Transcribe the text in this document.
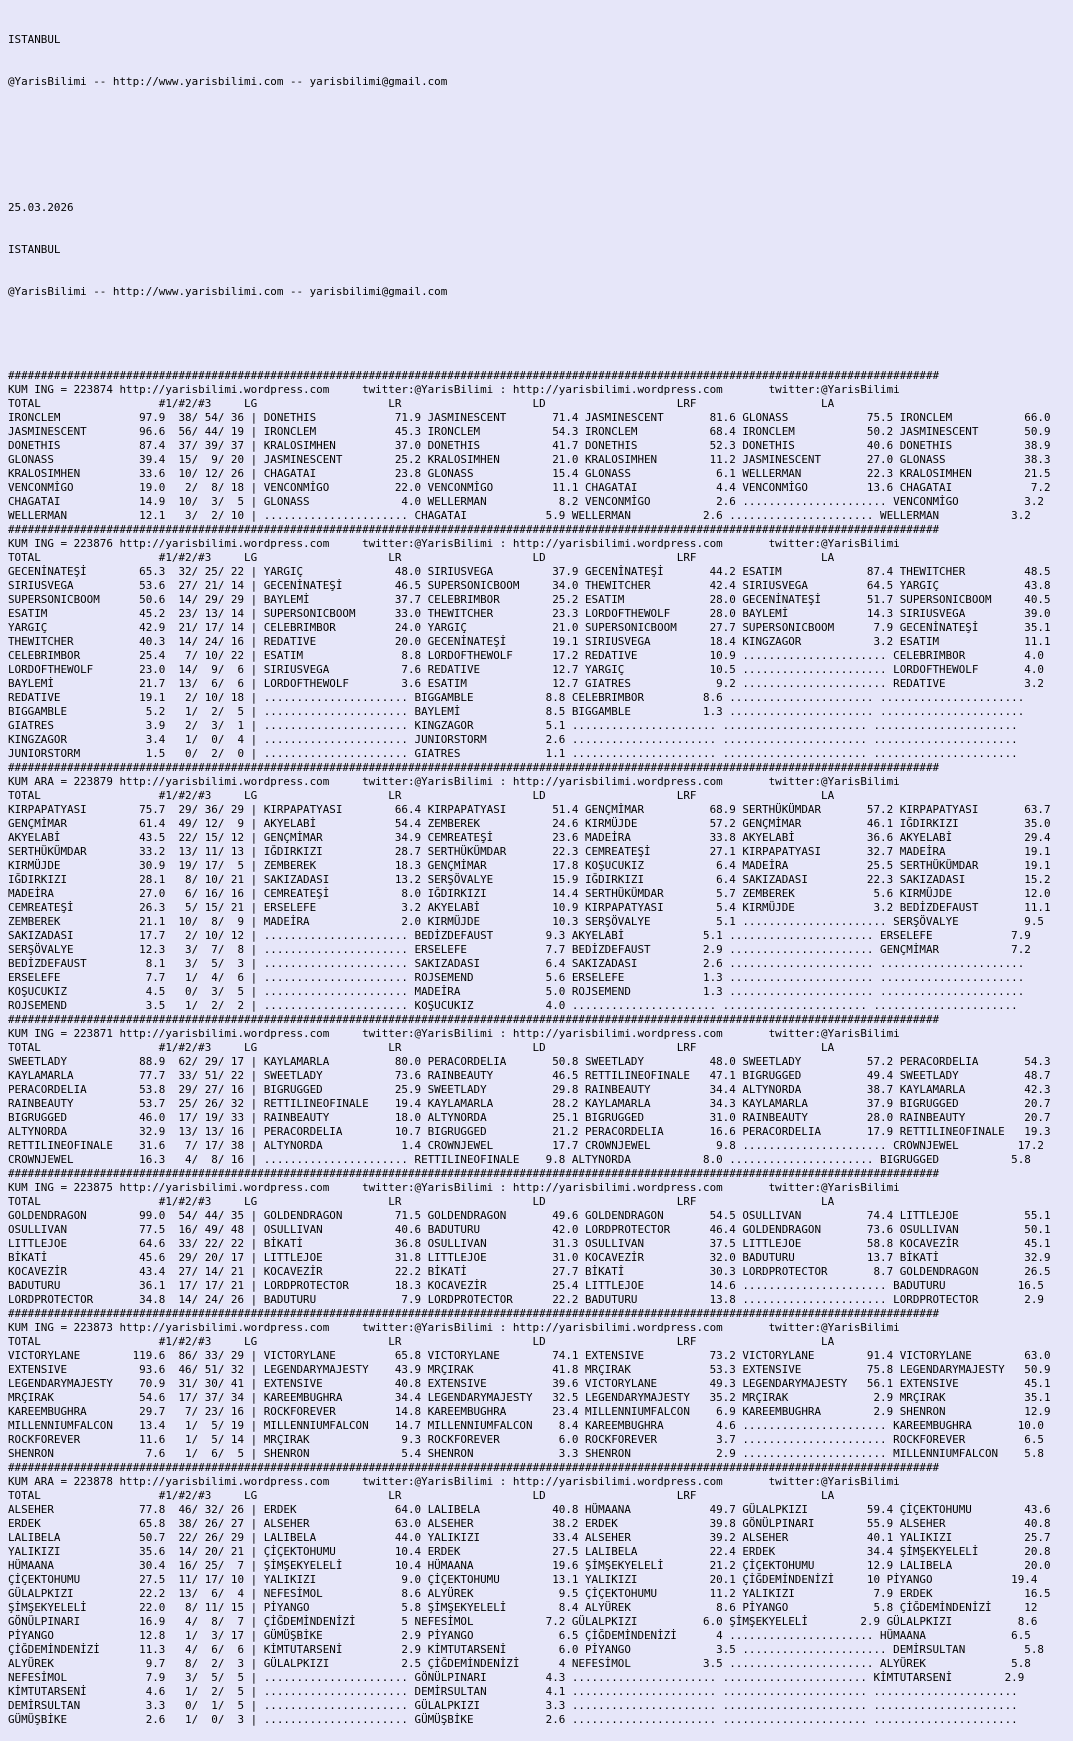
ISTANBUL

@YarisBilimi -- http://www.yarisbilimi.com -- yarisbilimi@gmail.com

25.03.2026

ISTANBUL

@YarisBilimi -- http://www.yarisbilimi.com -- yarisbilimi@gmail.com

##############################################################################################################################################
KUM ING = 223874 http://yarisbilimi.wordpress.com     twitter:@YarisBilimi : http://yarisbilimi.wordpress.com       twitter:@YarisBilimi
TOTAL                  #1/#2/#3     LG                    LR                    LD                    LRF                   LA
IRONCLEM            97.9  38/ 54/ 36 | DONETHIS            71.9 JASMINESCENT       71.4 JASMINESCENT       81.6 GLONASS            75.5 IRONCLEM           66.0
JASMINESCENT        96.6  56/ 44/ 19 | IRONCLEM            45.3 IRONCLEM           54.3 IRONCLEM           68.4 IRONCLEM           50.2 JASMINESCENT       50.9
DONETHIS            87.4  37/ 39/ 37 | KRALOSIMHEN         37.0 DONETHIS           41.7 DONETHIS           52.3 DONETHIS           40.6 DONETHIS           38.9
GLONASS             39.4  15/  9/ 20 | JASMINESCENT        25.2 KRALOSIMHEN        21.0 KRALOSIMHEN        11.2 JASMINESCENT       27.0 GLONASS            38.3
KRALOSIMHEN         33.6  10/ 12/ 26 | CHAGATAI            23.8 GLONASS            15.4 GLONASS             6.1 WELLERMAN          22.3 KRALOSIMHEN        21.5
VENCONMİGO          19.0   2/  8/ 18 | VENCONMİGO          22.0 VENCONMİGO         11.1 CHAGATAI            4.4 VENCONMİGO         13.6 CHAGATAI            7.2
CHAGATAI            14.9  10/  3/  5 | GLONASS              4.0 WELLERMAN           8.2 VENCONMİGO          2.6 ...................... VENCONMİGO          3.2
WELLERMAN           12.1   3/  2/ 10 | ...................... CHAGATAI            5.9 WELLERMAN           2.6 ...................... WELLERMAN           3.2
##############################################################################################################################################
KUM ING = 223876 http://yarisbilimi.wordpress.com     twitter:@YarisBilimi : http://yarisbilimi.wordpress.com       twitter:@YarisBilimi
TOTAL                  #1/#2/#3     LG                    LR                    LD                    LRF                   LA
GECENİNATEŞİ        65.3  32/ 25/ 22 | YARGIÇ              48.0 SIRIUSVEGA         37.9 GECENİNATEŞİ       44.2 ESATIM             87.4 THEWITCHER         48.5
SIRIUSVEGA          53.6  27/ 21/ 14 | GECENİNATEŞİ        46.5 SUPERSONICBOOM     34.0 THEWITCHER         42.4 SIRIUSVEGA         64.5 YARGIÇ             43.8
SUPERSONICBOOM      50.6  14/ 29/ 29 | BAYLEMİ             37.7 CELEBRIMBOR        25.2 ESATIM             28.0 GECENİNATEŞİ       51.7 SUPERSONICBOOM     40.5
ESATIM              45.2  23/ 13/ 14 | SUPERSONICBOOM      33.0 THEWITCHER         23.3 LORDOFTHEWOLF      28.0 BAYLEMİ            14.3 SIRIUSVEGA         39.0
YARGIÇ              42.9  21/ 17/ 14 | CELEBRIMBOR         24.0 YARGIÇ             21.0 SUPERSONICBOOM     27.7 SUPERSONICBOOM      7.9 GECENİNATEŞİ       35.1
THEWITCHER          40.3  14/ 24/ 16 | REDATIVE            20.0 GECENİNATEŞİ       19.1 SIRIUSVEGA         18.4 KINGZAGOR           3.2 ESATIM             11.1
CELEBRIMBOR         25.4   7/ 10/ 22 | ESATIM               8.8 LORDOFTHEWOLF      17.2 REDATIVE           10.9 ...................... CELEBRIMBOR         4.0
LORDOFTHEWOLF       23.0  14/  9/  6 | SIRIUSVEGA           7.6 REDATIVE           12.7 YARGIÇ             10.5 ...................... LORDOFTHEWOLF       4.0
BAYLEMİ             21.7  13/  6/  6 | LORDOFTHEWOLF        3.6 ESATIM             12.7 GIATRES             9.2 ...................... REDATIVE            3.2
REDATIVE            19.1   2/ 10/ 18 | ...................... BIGGAMBLE           8.8 CELEBRIMBOR         8.6 ...................... ......................
BIGGAMBLE            5.2   1/  2/  5 | ...................... BAYLEMİ             8.5 BIGGAMBLE           1.3 ...................... ......................
GIATRES              3.9   2/  3/  1 | ...................... KINGZAGOR           5.1 ...................... ...................... ......................
KINGZAGOR            3.4   1/  0/  4 | ...................... JUNIORSTORM         2.6 ...................... ...................... ......................
JUNIORSTORM          1.5   0/  2/  0 | ...................... GIATRES             1.1 ...................... ...................... ......................
##############################################################################################################################################
KUM ARA = 223879 http://yarisbilimi.wordpress.com     twitter:@YarisBilimi : http://yarisbilimi.wordpress.com       twitter:@YarisBilimi
TOTAL                  #1/#2/#3     LG                    LR                    LD                    LRF                   LA
KIRPAPATYASI        75.7  29/ 36/ 29 | KIRPAPATYASI        66.4 KIRPAPATYASI       51.4 GENÇMİMAR          68.9 SERTHÜKÜMDAR       57.2 KIRPAPATYASI       63.7
GENÇMİMAR           61.4  49/ 12/  9 | AKYELABİ            54.4 ZEMBEREK           24.6 KIRMÜJDE           57.2 GENÇMİMAR          46.1 IĞDIRKIZI          35.0
AKYELABİ            43.5  22/ 15/ 12 | GENÇMİMAR           34.9 CEMREATEŞİ         23.6 MADEİRA            33.8 AKYELABİ           36.6 AKYELABİ           29.4
SERTHÜKÜMDAR        33.2  13/ 11/ 13 | IĞDIRKIZI           28.7 SERTHÜKÜMDAR       22.3 CEMREATEŞİ         27.1 KIRPAPATYASI       32.7 MADEİRA            19.1
KIRMÜJDE            30.9  19/ 17/  5 | ZEMBEREK            18.3 GENÇMİMAR          17.8 KOŞUCUKIZ           6.4 MADEİRA            25.5 SERTHÜKÜMDAR       19.1
IĞDIRKIZI           28.1   8/ 10/ 21 | SAKIZADASI          13.2 SERŞÖVALYE         15.9 IĞDIRKIZI           6.4 SAKIZADASI         22.3 SAKIZADASI         15.2
MADEİRA             27.0   6/ 16/ 16 | CEMREATEŞİ           8.0 IĞDIRKIZI          14.4 SERTHÜKÜMDAR        5.7 ZEMBEREK            5.6 KIRMÜJDE           12.0
CEMREATEŞİ          26.3   5/ 15/ 21 | ERSELEFE             3.2 AKYELABİ           10.9 KIRPAPATYASI        5.4 KIRMÜJDE            3.2 BEDİZDEFAUST       11.1
ZEMBEREK            21.1  10/  8/  9 | MADEİRA              2.0 KIRMÜJDE           10.3 SERŞÖVALYE          5.1 ...................... SERŞÖVALYE          9.5
SAKIZADASI          17.7   2/ 10/ 12 | ...................... BEDİZDEFAUST        9.3 AKYELABİ            5.1 ...................... ERSELEFE            7.9
SERŞÖVALYE          12.3   3/  7/  8 | ...................... ERSELEFE            7.7 BEDİZDEFAUST        2.9 ...................... GENÇMİMAR           7.2
BEDİZDEFAUST         8.1   3/  5/  3 | ...................... SAKIZADASI          6.4 SAKIZADASI          2.6 ...................... ......................
ERSELEFE             7.7   1/  4/  6 | ...................... ROJSEMEND           5.6 ERSELEFE            1.3 ...................... ......................
KOŞUCUKIZ            4.5   0/  3/  5 | ...................... MADEİRA             5.0 ROJSEMEND           1.3 ...................... ......................
ROJSEMEND            3.5   1/  2/  2 | ...................... KOŞUCUKIZ           4.0 ...................... ...................... ......................
##############################################################################################################################################
KUM ING = 223871 http://yarisbilimi.wordpress.com     twitter:@YarisBilimi : http://yarisbilimi.wordpress.com       twitter:@YarisBilimi
TOTAL                  #1/#2/#3     LG                    LR                    LD                    LRF                   LA
SWEETLADY           88.9  62/ 29/ 17 | KAYLAMARLA          80.0 PERACORDELIA       50.8 SWEETLADY          48.0 SWEETLADY          57.2 PERACORDELIA       54.3
KAYLAMARLA          77.7  33/ 51/ 22 | SWEETLADY           73.6 RAINBEAUTY         46.5 RETTILINEOFINALE   47.1 BIGRUGGED          49.4 SWEETLADY          48.7
PERACORDELIA        53.8  29/ 27/ 16 | BIGRUGGED           25.9 SWEETLADY          29.8 RAINBEAUTY         34.4 ALTYNORDA          38.7 KAYLAMARLA         42.3
RAINBEAUTY          53.7  25/ 26/ 32 | RETTILINEOFINALE    19.4 KAYLAMARLA         28.2 KAYLAMARLA         34.3 KAYLAMARLA         37.9 BIGRUGGED          20.7
BIGRUGGED           46.0  17/ 19/ 33 | RAINBEAUTY          18.0 ALTYNORDA          25.1 BIGRUGGED          31.0 RAINBEAUTY         28.0 RAINBEAUTY         20.7
ALTYNORDA           32.9  13/ 13/ 16 | PERACORDELIA        10.7 BIGRUGGED          21.2 PERACORDELIA       16.6 PERACORDELIA       17.9 RETTILINEOFINALE   19.3
RETTILINEOFINALE    31.6   7/ 17/ 38 | ALTYNORDA            1.4 CROWNJEWEL         17.7 CROWNJEWEL          9.8 ...................... CROWNJEWEL         17.2
CROWNJEWEL          16.3   4/  8/ 16 | ...................... RETTILINEOFINALE    9.8 ALTYNORDA           8.0 ...................... BIGRUGGED           5.8
##############################################################################################################################################
KUM ING = 223875 http://yarisbilimi.wordpress.com     twitter:@YarisBilimi : http://yarisbilimi.wordpress.com       twitter:@YarisBilimi
TOTAL                  #1/#2/#3     LG                    LR                    LD                    LRF                   LA
GOLDENDRAGON        99.0  54/ 44/ 35 | GOLDENDRAGON        71.5 GOLDENDRAGON       49.6 GOLDENDRAGON       54.5 OSULLIVAN          74.4 LITTLEJOE          55.1
OSULLIVAN           77.5  16/ 49/ 48 | OSULLIVAN           40.6 BADUTURU           42.0 LORDPROTECTOR      46.4 GOLDENDRAGON       73.6 OSULLIVAN          50.1
LITTLEJOE           64.6  33/ 22/ 22 | BİKATİ              36.8 OSULLIVAN          31.3 OSULLIVAN          37.5 LITTLEJOE          58.8 KOCAVEZİR          45.1
BİKATİ              45.6  29/ 20/ 17 | LITTLEJOE           31.8 LITTLEJOE          31.0 KOCAVEZİR          32.0 BADUTURU           13.7 BİKATİ             32.9
KOCAVEZİR           43.4  27/ 14/ 21 | KOCAVEZİR           22.2 BİKATİ             27.7 BİKATİ             30.3 LORDPROTECTOR       8.7 GOLDENDRAGON       26.5
BADUTURU            36.1  17/ 17/ 21 | LORDPROTECTOR       18.3 KOCAVEZİR          25.4 LITTLEJOE          14.6 ...................... BADUTURU           16.5
LORDPROTECTOR       34.8  14/ 24/ 26 | BADUTURU             7.9 LORDPROTECTOR      22.2 BADUTURU           13.8 ...................... LORDPROTECTOR       2.9
##############################################################################################################################################
KUM ING = 223873 http://yarisbilimi.wordpress.com     twitter:@YarisBilimi : http://yarisbilimi.wordpress.com       twitter:@YarisBilimi
TOTAL                  #1/#2/#3     LG                    LR                    LD                    LRF                   LA
VICTORYLANE        119.6  86/ 33/ 29 | VICTORYLANE         65.8 VICTORYLANE        74.1 EXTENSIVE          73.2 VICTORYLANE        91.4 VICTORYLANE        63.0
EXTENSIVE           93.6  46/ 51/ 32 | LEGENDARYMAJESTY    43.9 MRÇIRAK            41.8 MRÇIRAK            53.3 EXTENSIVE          75.8 LEGENDARYMAJESTY   50.9
LEGENDARYMAJESTY    70.9  31/ 30/ 41 | EXTENSIVE           40.8 EXTENSIVE          39.6 VICTORYLANE        49.3 LEGENDARYMAJESTY   56.1 EXTENSIVE          45.1
MRÇIRAK             54.6  17/ 37/ 34 | KAREEMBUGHRA        34.4 LEGENDARYMAJESTY   32.5 LEGENDARYMAJESTY   35.2 MRÇIRAK             2.9 MRÇIRAK            35.1
KAREEMBUGHRA        29.7   7/ 23/ 16 | ROCKFOREVER         14.8 KAREEMBUGHRA       23.4 MILLENNIUMFALCON    6.9 KAREEMBUGHRA        2.9 SHENRON            12.9
MILLENNIUMFALCON    13.4   1/  5/ 19 | MILLENNIUMFALCON    14.7 MILLENNIUMFALCON    8.4 KAREEMBUGHRA        4.6 ...................... KAREEMBUGHRA       10.0
ROCKFOREVER         11.6   1/  5/ 14 | MRÇIRAK              9.3 ROCKFOREVER         6.0 ROCKFOREVER         3.7 ...................... ROCKFOREVER         6.5
SHENRON              7.6   1/  6/  5 | SHENRON              5.4 SHENRON             3.3 SHENRON             2.9 ...................... MILLENNIUMFALCON    5.8
##############################################################################################################################################
KUM ARA = 223878 http://yarisbilimi.wordpress.com     twitter:@YarisBilimi : http://yarisbilimi.wordpress.com       twitter:@YarisBilimi
TOTAL                  #1/#2/#3     LG                    LR                    LD                    LRF                   LA
ALSEHER             77.8  46/ 32/ 26 | ERDEK               64.0 LALIBELA           40.8 HÜMAANA            49.7 GÜLALPKIZI         59.4 ÇİÇEKTOHUMU        43.6
ERDEK               65.8  38/ 26/ 27 | ALSEHER             63.0 ALSEHER            38.2 ERDEK              39.8 GÖNÜLPINARI        55.9 ALSEHER            40.8
LALIBELA            50.7  22/ 26/ 29 | LALIBELA            44.0 YALIKIZI           33.4 ALSEHER            39.2 ALSEHER            40.1 YALIKIZI           25.7
YALIKIZI            35.6  14/ 20/ 21 | ÇİÇEKTOHUMU         10.4 ERDEK              27.5 LALIBELA           22.4 ERDEK              34.4 ŞİMŞEKYELELİ       20.8
HÜMAANA             30.4  16/ 25/  7 | ŞİMŞEKYELELİ        10.4 HÜMAANA            19.6 ŞİMŞEKYELELİ       21.2 ÇİÇEKTOHUMU        12.9 LALIBELA           20.0
ÇİÇEKTOHUMU         27.5  11/ 17/ 10 | YALIKIZI             9.0 ÇİÇEKTOHUMU        13.1 YALIKIZI           20.1 ÇİĞDEMİNDENİZİ     10 PİYANGO            19.4
GÜLALPKIZI          22.2  13/  6/  4 | NEFESİMOL            8.6 ALYÜREK             9.5 ÇİÇEKTOHUMU        11.2 YALIKIZI            7.9 ERDEK              16.5
ŞİMŞEKYELELİ        22.0   8/ 11/ 15 | PİYANGO              5.8 ŞİMŞEKYELELİ        8.4 ALYÜREK             8.6 PİYANGO             5.8 ÇİĞDEMİNDENİZİ     12
GÖNÜLPINARI         16.9   4/  8/  7 | ÇİĞDEMİNDENİZİ       5 NEFESİMOL           7.2 GÜLALPKIZI          6.0 ŞİMŞEKYELELİ        2.9 GÜLALPKIZI          8.6
PİYANGO             12.8   1/  3/ 17 | GÜMÜŞBİKE            2.9 PİYANGO             6.5 ÇİĞDEMİNDENİZİ      4 ...................... HÜMAANA             6.5
ÇİĞDEMİNDENİZİ      11.3   4/  6/  6 | KİMTUTARSENİ         2.9 KİMTUTARSENİ        6.0 PİYANGO             3.5 ...................... DEMİRSULTAN         5.8
ALYÜREK              9.7   8/  2/  3 | GÜLALPKIZI           2.5 ÇİĞDEMİNDENİZİ      4 NEFESİMOL           3.5 ...................... ALYÜREK             5.8
NEFESİMOL            7.9   3/  5/  5 | ...................... GÖNÜLPINARI         4.3 ...................... ...................... KİMTUTARSENİ        2.9
KİMTUTARSENİ         4.6   1/  2/  5 | ...................... DEMİRSULTAN         4.1 ...................... ...................... ......................
DEMİRSULTAN          3.3   0/  1/  5 | ...................... GÜLALPKIZI          3.3 ...................... ...................... ......................
GÜMÜŞBİKE            2.6   1/  0/  3 | ...................... GÜMÜŞBİKE           2.6 ...................... ...................... ......................
